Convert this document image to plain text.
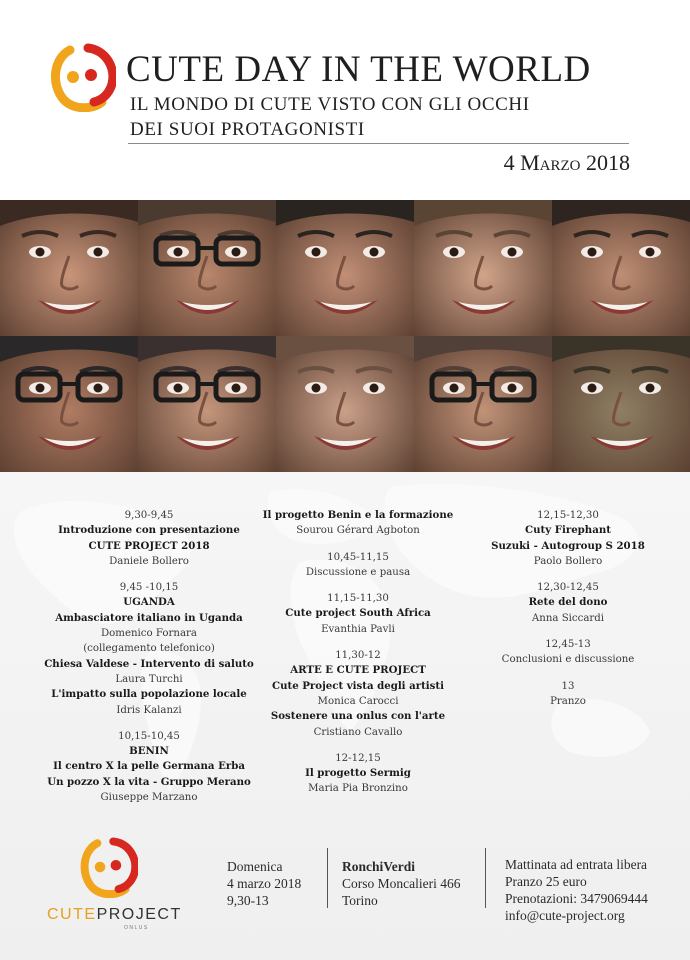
CUTE DAY IN THE WORLD
IL MONDO DI CUTE VISTO CON GLI OCCHI
DEI SUOI PROTAGONISTI
4 Marzo 2018
9,30-9,45
Introduzione con presentazione
CUTE PROJECT 2018
Daniele Bollero
9,45 -10,15
UGANDA
Ambasciatore italiano in Uganda
Domenico Fornara
(collegamento telefonico)
Chiesa Valdese - Intervento di saluto
Laura Turchi
L'impatto sulla popolazione locale
Idris Kalanzi
10,15-10,45
BENIN
Il centro X la pelle Germana Erba
Un pozzo X la vita - Gruppo Merano
Giuseppe Marzano
Il progetto Benin e la formazione
Sourou Gérard Agboton
10,45-11,15
Discussione e pausa
11,15-11,30
Cute project South Africa
Evanthia Pavli
11,30-12
ARTE E CUTE PROJECT
Cute Project vista degli artisti
Monica Carocci
Sostenere una onlus con l'arte
Cristiano Cavallo
12-12,15
Il progetto Sermig
Maria Pia Bronzino
12,15-12,30
Cuty Firephant
Suzuki - Autogroup S 2018
Paolo Bollero
12,30-12,45
Rete del dono
Anna Siccardi
12,45-13
Conclusioni e discussione
13
Pranzo
CUTEPROJECT
ONLUS
Domenica
4 marzo 2018
9,30-13
RonchiVerdi
Corso Moncalieri 466
Torino
Mattinata ad entrata libera
Pranzo 25 euro
Prenotazioni: 3479069444
info@cute-project.org
